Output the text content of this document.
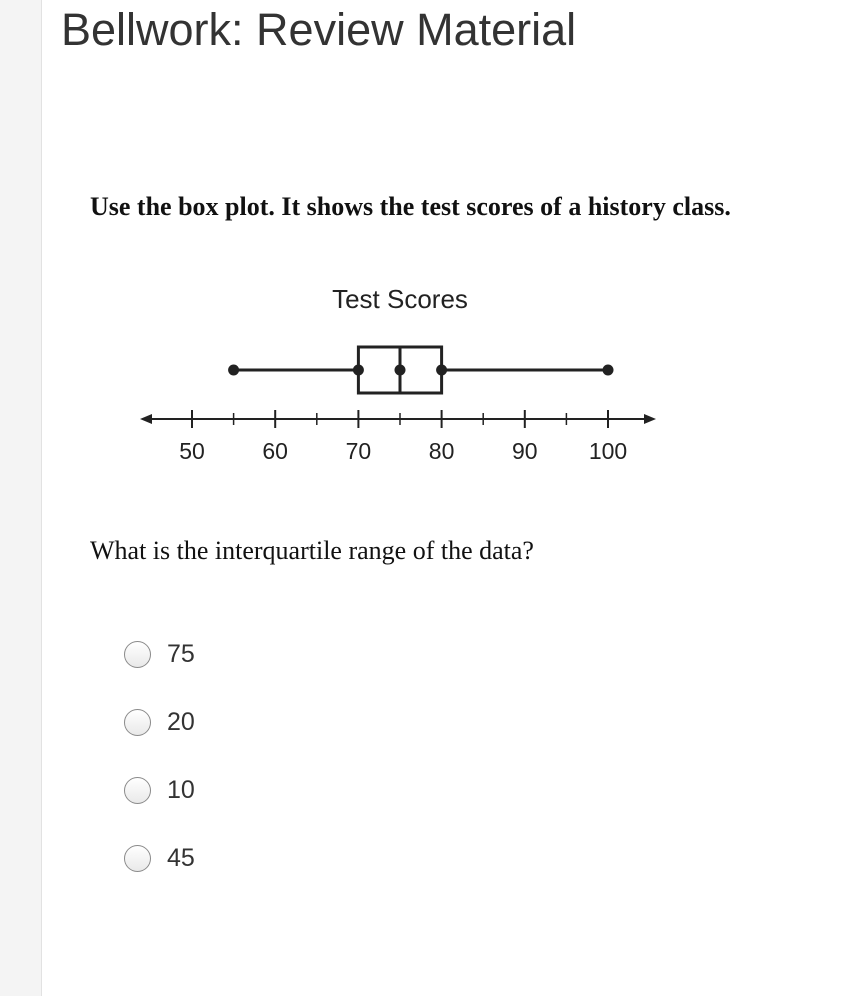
Bellwork: Review Material

Use the box plot. It shows the test scores of a history class.

Test Scores
50	60	70	80	90 100

What is the interquartile range of the data?

75
20
10
45
